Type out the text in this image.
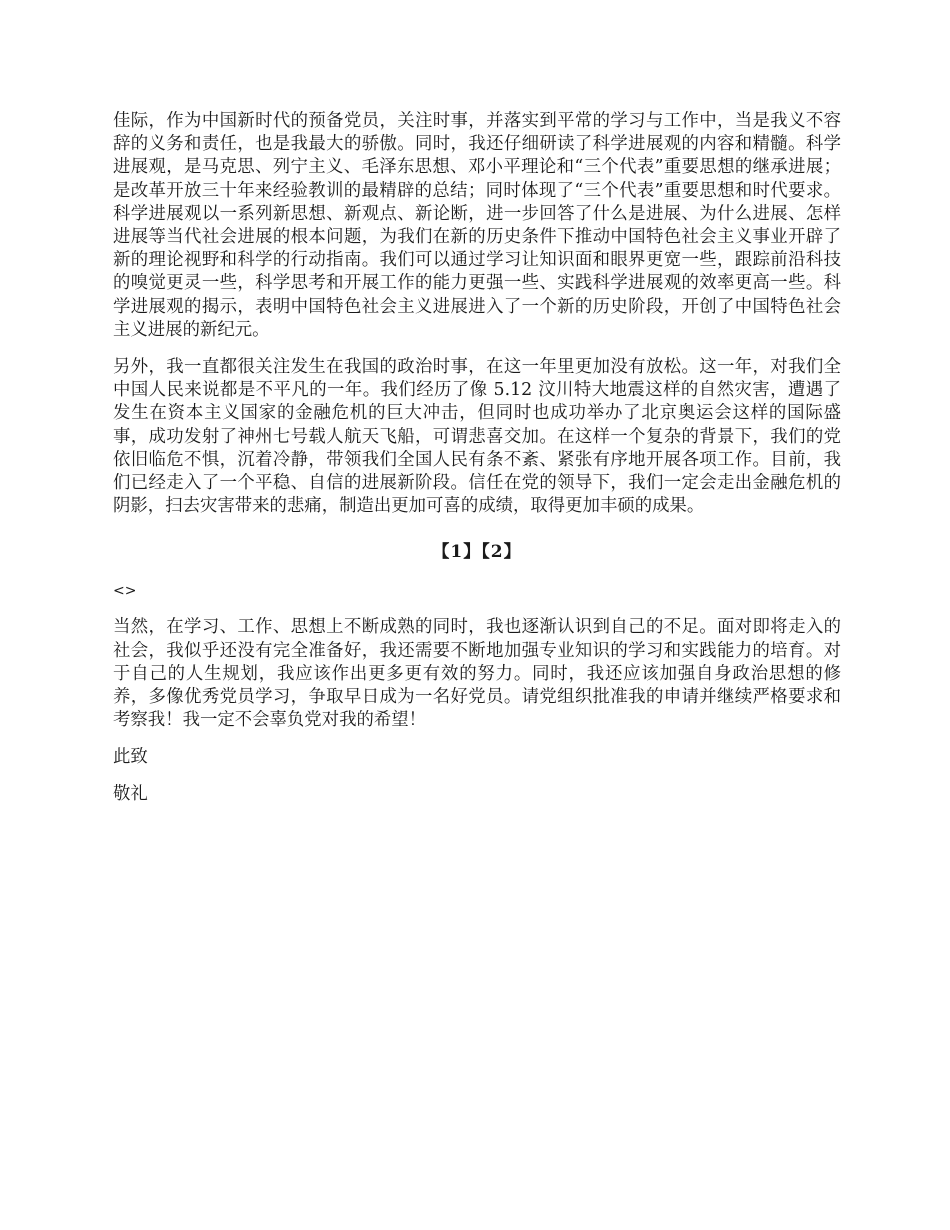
佳际，作为中国新时代的预备党员，关注时事，并落实到平常的学习与工作中，当是我义不容辞的义务和责任，也是我最大的骄傲。同时，我还仔细研读了科学进展观的内容和精髓。科学进展观，是马克思、列宁主义、毛泽东思想、邓小平理论和“三个代表”重要思想的继承进展；是改革开放三十年来经验教训的最精辟的总结；同时体现了“三个代表”重要思想和时代要求。科学进展观以一系列新思想、新观点、新论断，进一步回答了什么是进展、为什么进展、怎样进展等当代社会进展的根本问题，为我们在新的历史条件下推动中国特色社会主义事业开辟了新的理论视野和科学的行动指南。我们可以通过学习让知识面和眼界更宽一些，跟踪前沿科技的嗅觉更灵一些，科学思考和开展工作的能力更强一些、实践科学进展观的效率更高一些。科学进展观的揭示，表明中国特色社会主义进展进入了一个新的历史阶段，开创了中国特色社会主义进展的新纪元。

另外，我一直都很关注发生在我国的政治时事，在这一年里更加没有放松。这一年，对我们全中国人民来说都是不平凡的一年。我们经历了像 5.12 汶川特大地震这样的自然灾害，遭遇了发生在资本主义国家的金融危机的巨大冲击，但同时也成功举办了北京奥运会这样的国际盛事，成功发射了神州七号载人航天飞船，可谓悲喜交加。在这样一个复杂的背景下，我们的党依旧临危不惧，沉着冷静，带领我们全国人民有条不紊、紧张有序地开展各项工作。目前，我们已经走入了一个平稳、自信的进展新阶段。信任在党的领导下，我们一定会走出金融危机的阴影，扫去灾害带来的悲痛，制造出更加可喜的成绩，取得更加丰硕的成果。

【1】【2】
<>

当然，在学习、工作、思想上不断成熟的同时，我也逐渐认识到自己的不足。面对即将走入的社会，我似乎还没有完全准备好，我还需要不断地加强专业知识的学习和实践能力的培育。对于自己的人生规划，我应该作出更多更有效的努力。同时，我还应该加强自身政治思想的修养，多像优秀党员学习，争取早日成为一名好党员。请党组织批准我的申请并继续严格要求和考察我！我一定不会辜负党对我的希望！

此致

敬礼
